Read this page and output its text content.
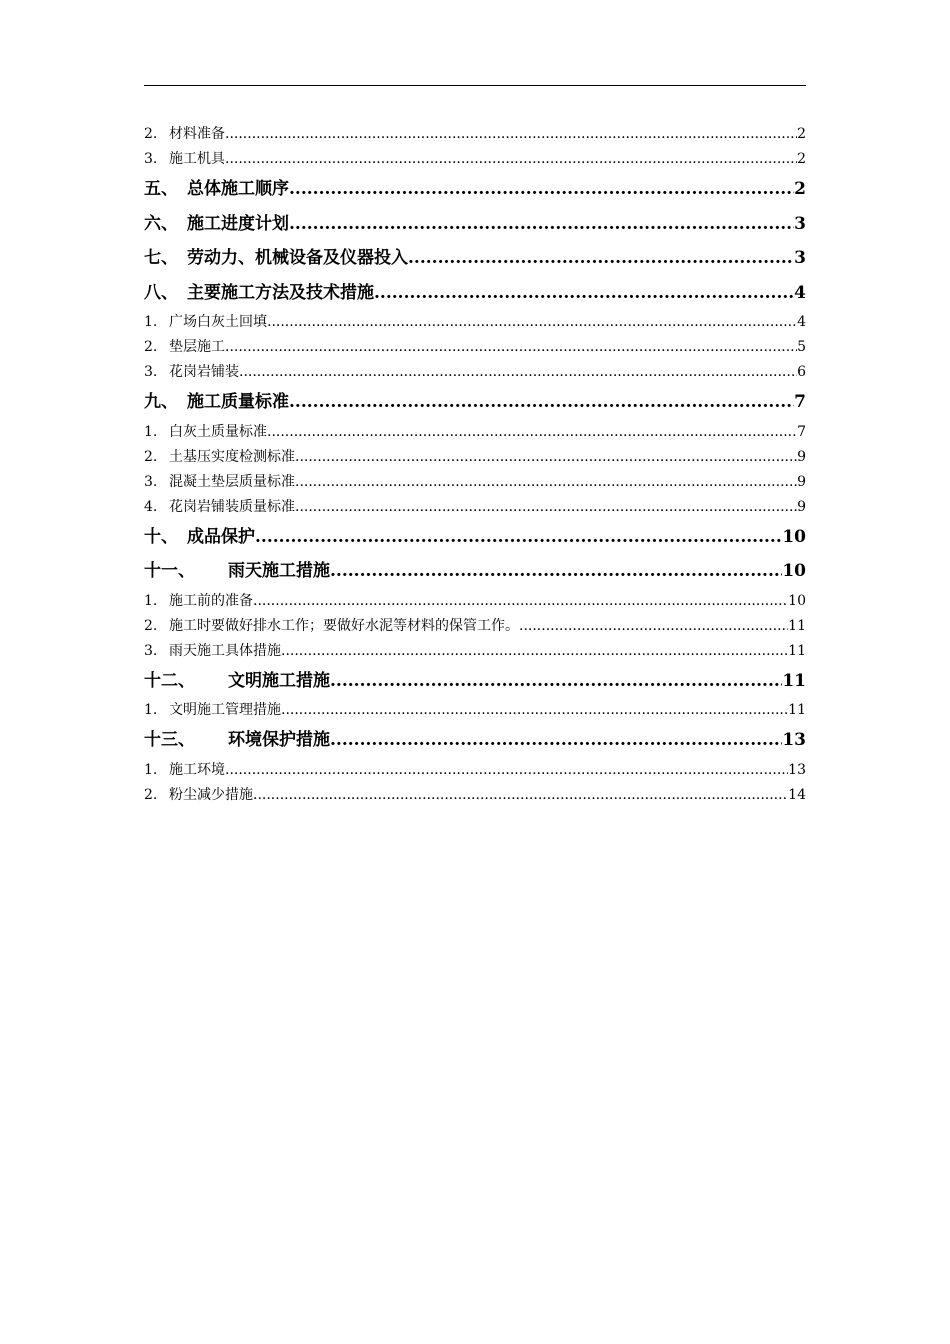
2. 材料准备 .....	2
3. 施工机具 .....	2
五、 总体施工顺序 .....	2
六、 施工进度计划 .....	3
七、 劳动力、机械设备及仪器投入 .....	3
八、 主要施工方法及技术措施 .....	4
1. 广场白灰土回填 .....	4
2. 垫层施工 .....	5
3. 花岗岩铺装 .....	6
九、 施工质量标准 .....	7
1. 白灰土质量标准 .....	7
2. 土基压实度检测标准 .....	9
3. 混凝土垫层质量标准 .....	9
4. 花岗岩铺装质量标准 .....	9
十、 成品保护 .....	10
十一、	雨天施工措施 .....	10
1. 施工前的准备 .....	10
2. 施工时要做好排水工作；要做好水泥等材料的保管工作。 .....	11
3. 雨天施工具体措施 .....	11
十二、	文明施工措施 .....	11
1. 文明施工管理措施 .....	11
十三、	环境保护措施 .....	13
1. 施工环境 .....	13
2. 粉尘减少措施 .....	14
